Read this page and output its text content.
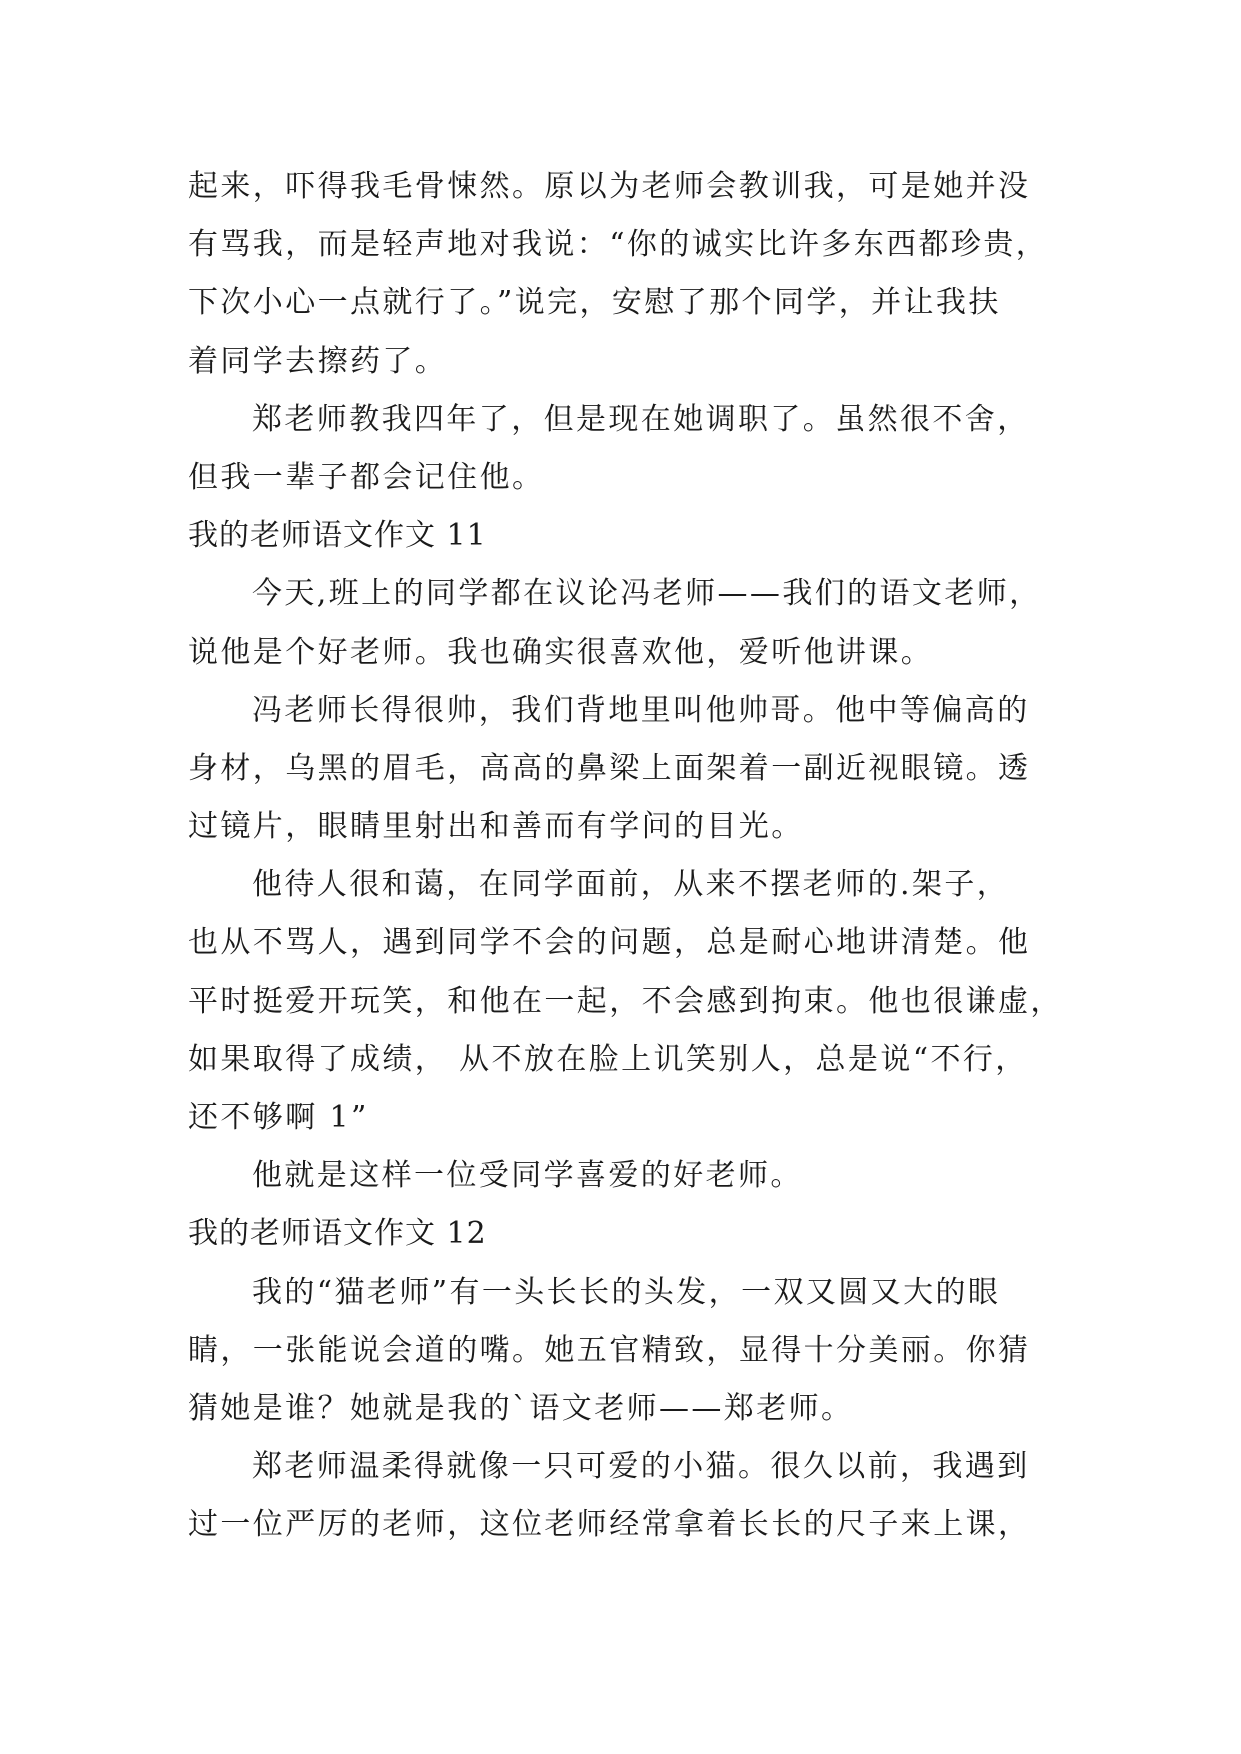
起来，吓得我毛骨悚然。原以为老师会教训我，可是她并没
有骂我，而是轻声地对我说：“你的诚实比许多东西都珍贵，
下次小心一点就行了。”说完，安慰了那个同学，并让我扶
着同学去擦药了。
郑老师教我四年了，但是现在她调职了。虽然很不舍，
但我一辈子都会记住他。
我的老师语文作文 11
今天,班上的同学都在议论冯老师——我们的语文老师，
说他是个好老师。我也确实很喜欢他，爱听他讲课。
冯老师长得很帅，我们背地里叫他帅哥。他中等偏高的
身材，乌黑的眉毛，高高的鼻梁上面架着一副近视眼镜。透
过镜片，眼睛里射出和善而有学问的目光。
他待人很和蔼，在同学面前，从来不摆老师的.架子，
也从不骂人，遇到同学不会的问题，总是耐心地讲清楚。他
平时挺爱开玩笑，和他在一起，不会感到拘束。他也很谦虚，
如果取得了成绩， 从不放在脸上讥笑别人，总是说“不行，
还不够啊 1”
他就是这样一位受同学喜爱的好老师。
我的老师语文作文 12
我的“猫老师”有一头长长的头发，一双又圆又大的眼
睛，一张能说会道的嘴。她五官精致，显得十分美丽。你猜
猜她是谁？她就是我的`语文老师——郑老师。
郑老师温柔得就像一只可爱的小猫。很久以前，我遇到
过一位严厉的老师，这位老师经常拿着长长的尺子来上课，
